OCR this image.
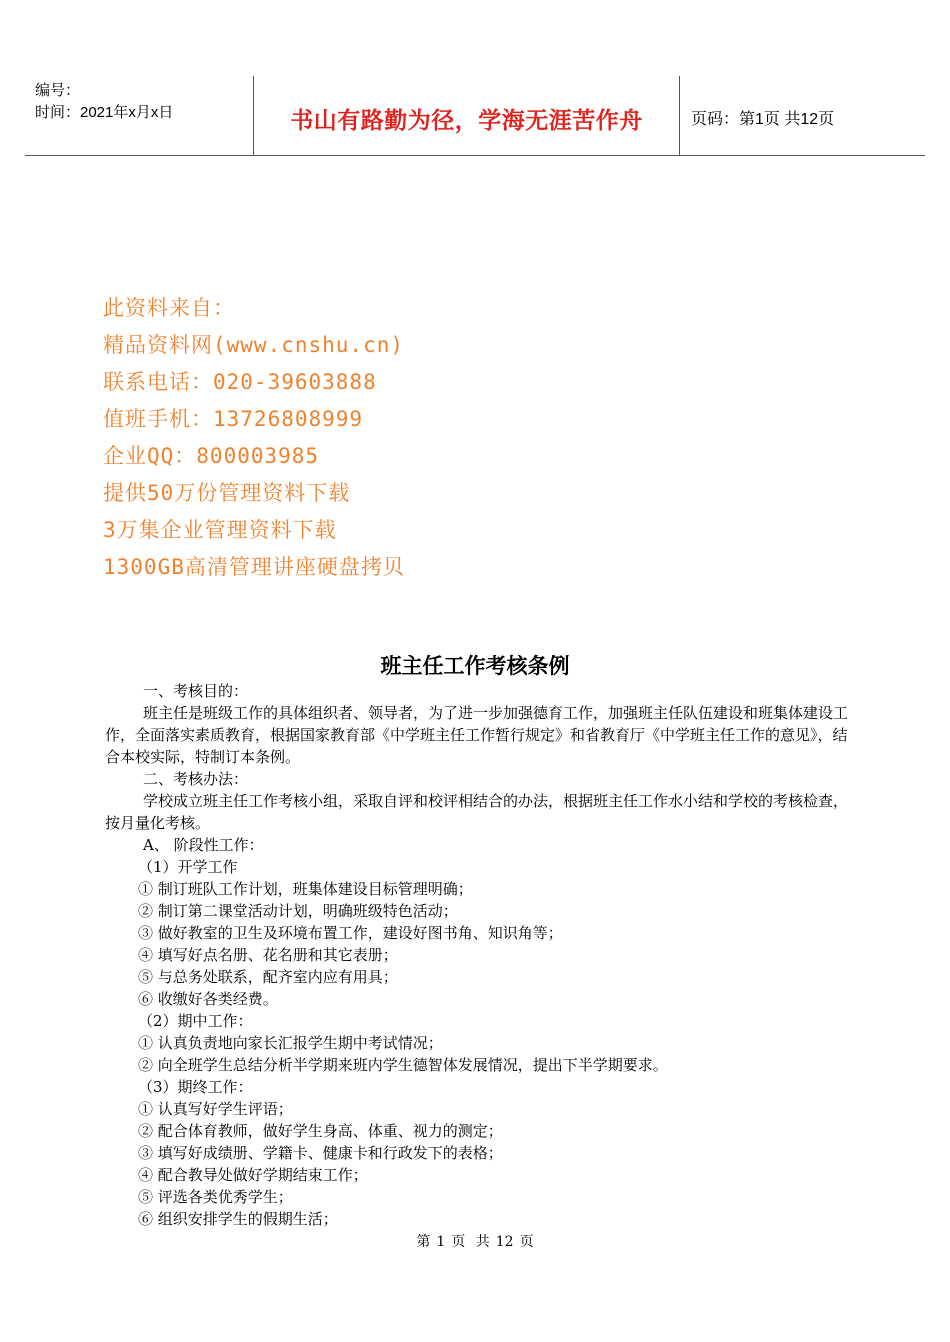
编号：
时间：2021年x月x日	书山有路勤为径，学海无涯苦作舟	页码：第1页 共12页
此资料来自：
精品资料网(www.cnshu.cn)
联系电话：020-39603888
值班手机：13726808999
企业QQ：800003985
提供50万份管理资料下载
3万集企业管理资料下载
1300GB高清管理讲座硬盘拷贝
班主任工作考核条例

一、考核目的：

班主任是班级工作的具体组织者、领导者，为了进一步加强德育工作，加强班主任队伍建设和班集体建设工作，全面落实素质教育，根据国家教育部《中学班主任工作暂行规定》和省教育厅《中学班主任工作的意见》，结合本校实际，特制订本条例。

二、考核办法：

学校成立班主任工作考核小组，采取自评和校评相结合的办法，根据班主任工作水小结和学校的考核检查，按月量化考核。

A、 阶段性工作：

（1）开学工作

① 制订班队工作计划，班集体建设目标管理明确；

② 制订第二课堂活动计划，明确班级特色活动；

③ 做好教室的卫生及环境布置工作，建设好图书角、知识角等；

④ 填写好点名册、花名册和其它表册；

⑤ 与总务处联系，配齐室内应有用具；

⑥ 收缴好各类经费。

（2）期中工作：

① 认真负责地向家长汇报学生期中考试情况；

② 向全班学生总结分析半学期来班内学生德智体发展情况，提出下半学期要求。

（3）期终工作：

① 认真写好学生评语；

② 配合体育教师，做好学生身高、体重、视力的测定；

③ 填写好成绩册、学籍卡、健康卡和行政发下的表格；

④ 配合教导处做好学期结束工作；

⑤ 评选各类优秀学生；

⑥ 组织安排学生的假期生活；

第 1 页 共 12 页
